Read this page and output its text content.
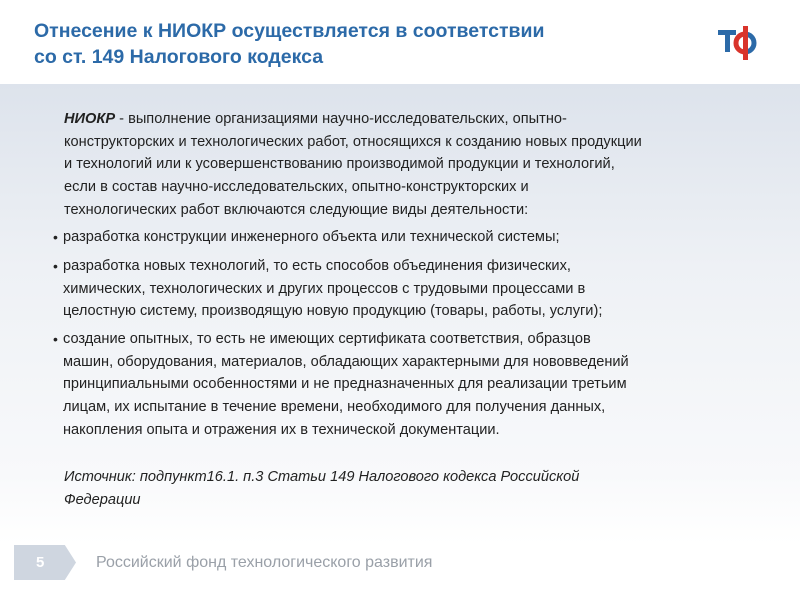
Отнесение к НИОКР осуществляется в соответствии
со ст. 149 Налогового кодекса

НИОКР - выполнение организациями научно-исследовательских, опытно-
конструкторских и технологических работ, относящихся к созданию новых продукции
и технологий или к усовершенствованию производимой продукции и технологий,
если в состав научно-исследовательских, опытно-конструкторских и
технологических работ включаются следующие виды деятельности:

• разработка конструкции инженерного объекта или технической системы;
• разработка новых технологий, то есть способов объединения физических,
химических, технологических и других процессов с трудовыми процессами в
целостную систему, производящую новую продукцию (товары, работы, услуги);
• создание опытных, то есть не имеющих сертификата соответствия, образцов
машин, оборудования, материалов, обладающих характерными для нововведений
принципиальными особенностями и не предназначенных для реализации третьим
лицам, их испытание в течение времени, необходимого для получения данных,
накопления опыта и отражения их в технической документации.
Источник: подпункт16.1. п.3 Статьи 149 Налогового кодекса Российской
Федерации
5	Российский фонд технологического развития
